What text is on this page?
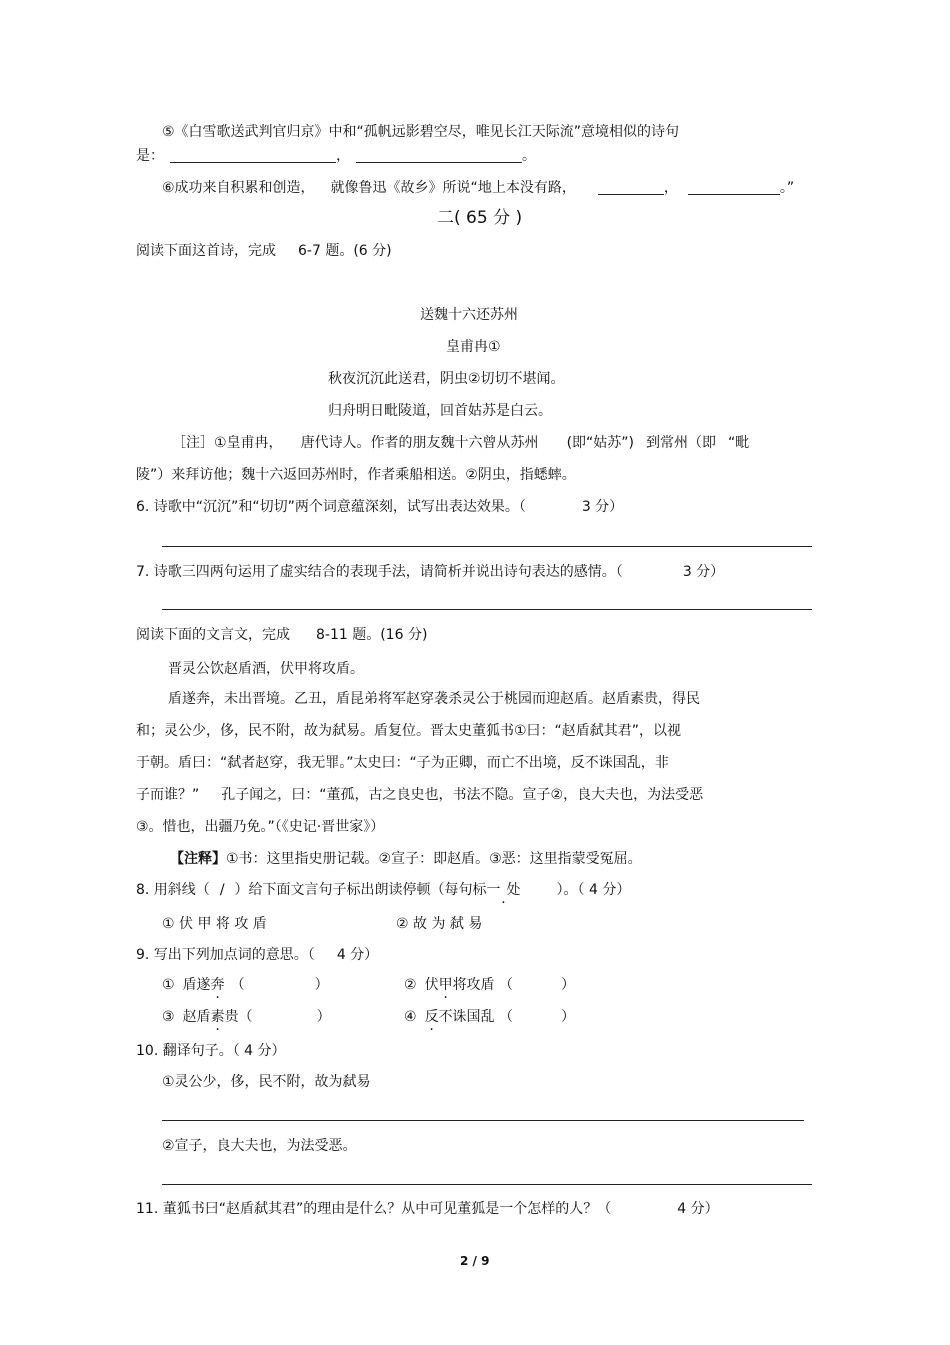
⑤《白雪歌送武判官归京》中和“孤帆远影碧空尽，唯见长江天际流”意境相似的诗句
是：	，	。
⑥成功来自积累和创造， 就像鲁迅《故乡》所说“地上本没有路，	，	。”
二( 65 分 )
阅读下面这首诗，完成 6-7 题。(6 分)
送魏十六还苏州
皇甫冉①
秋夜沉沉此送君，阴虫②切切不堪闻。
归舟明日毗陵道，回首姑苏是白云。
［注］①皇甫冉， 唐代诗人。作者的朋友魏十六曾从苏州 (即“姑苏”) 到常州（即 “毗
陵”）来拜访他；魏十六返回苏州时，作者乘船相送。②阴虫，指蟋蟀。
6. 诗歌中“沉沉”和“切切”两个词意蕴深刻，试写出表达效果。（	3 分）
7. 诗歌三四两句运用了虚实结合的表现手法，请简析并说出诗句表达的感情。（	3 分）
阅读下面的文言文，完成 8-11 题。(16 分)
晋灵公饮赵盾酒，伏甲将攻盾。
盾遂奔，未出晋境。乙丑，盾昆弟将军赵穿袭杀灵公于桃园而迎赵盾。赵盾素贵，得民
和；灵公少，侈，民不附，故为弑易。盾复位。晋太史董狐书①曰：“赵盾弑其君”，以视
于朝。盾曰：“弑者赵穿，我无罪。”太史曰：“子为正卿，而亡不出境，反不诛国乱，非
子而谁？” 孔子闻之，曰：“董孤，古之良史也，书法不隐。宣子②，良大夫也，为法受恶
③。惜也，出疆乃免。”（《史记·晋世家》）
【注释】①书：这里指史册记载。②宣子：即赵盾。③恶：这里指蒙受冤屈。
8. 用斜线（ / ）给下面文言句子标出朗读停顿（每句标一处 ）。（ 4 分）
① 伏 甲 将 攻 盾	② 故 为 弑 易
9. 写出下列加点词的意思。（ 4 分）
① 盾遂奔 （	）	② 伏甲将攻盾 （	）
③ 赵盾素贵（	）	④ 反不诛国乱 （	）
10. 翻译句子。（ 4 分）
①灵公少，侈，民不附，故为弑易
②宣子，良大夫也，为法受恶。
11. 董狐书曰“赵盾弑其君”的理由是什么？从中可见董狐是一个怎样的人？（	4 分）
2 / 9
